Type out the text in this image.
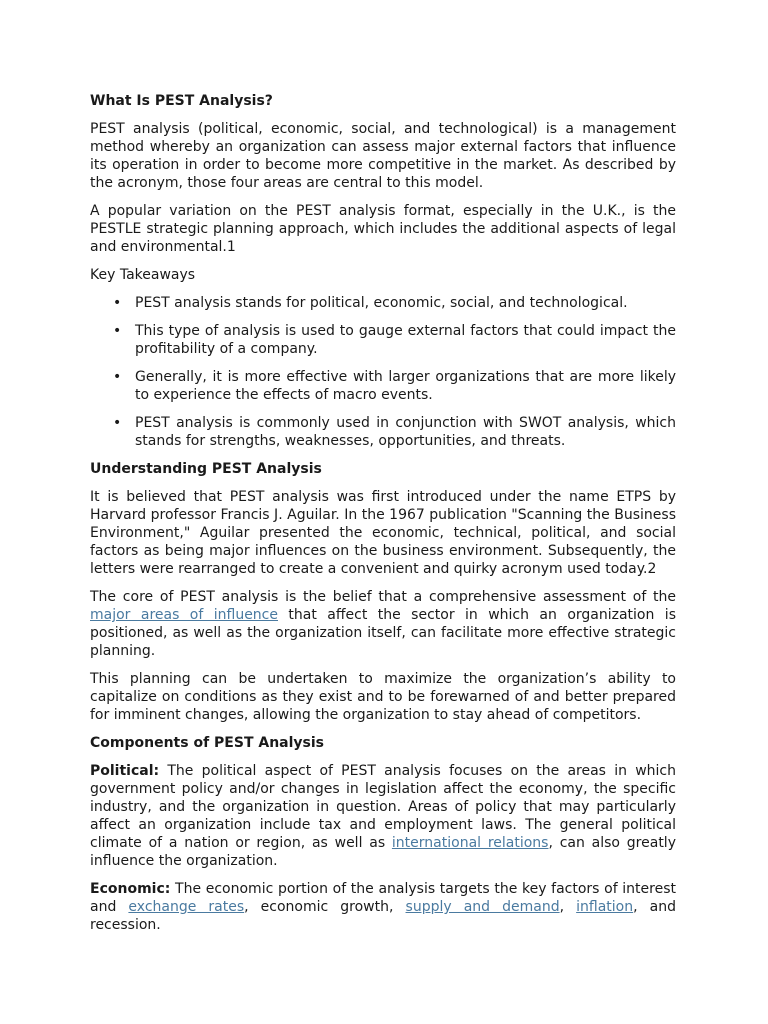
What Is PEST Analysis?

PEST analysis (political, economic, social, and technological) is a management method whereby an organization can assess major external factors that influence its operation in order to become more competitive in the market. As described by the acronym, those four areas are central to this model.

A popular variation on the PEST analysis format, especially in the U.K., is the PESTLE strategic planning approach, which includes the additional aspects of legal and environmental.1

Key Takeaways

• PEST analysis stands for political, economic, social, and technological.
• This type of analysis is used to gauge external factors that could impact the profitability of a company.
• Generally, it is more effective with larger organizations that are more likely to experience the effects of macro events.
• PEST analysis is commonly used in conjunction with SWOT analysis, which stands for strengths, weaknesses, opportunities, and threats.
Understanding PEST Analysis

It is believed that PEST analysis was first introduced under the name ETPS by Harvard professor Francis J. Aguilar. In the 1967 publication "Scanning the Business Environment," Aguilar presented the economic, technical, political, and social factors as being major influences on the business environment. Subsequently, the letters were rearranged to create a convenient and quirky acronym used today.2

The core of PEST analysis is the belief that a comprehensive assessment of the major areas of influence that affect the sector in which an organization is positioned, as well as the organization itself, can facilitate more effective strategic planning.

This planning can be undertaken to maximize the organization’s ability to capitalize on conditions as they exist and to be forewarned of and better prepared for imminent changes, allowing the organization to stay ahead of competitors.

Components of PEST Analysis

Political: The political aspect of PEST analysis focuses on the areas in which government policy and/or changes in legislation affect the economy, the specific industry, and the organization in question. Areas of policy that may particularly affect an organization include tax and employment laws. The general political climate of a nation or region, as well as international relations, can also greatly influence the organization.

Economic: The economic portion of the analysis targets the key factors of interest and exchange rates, economic growth, supply and demand, inflation, and recession.
